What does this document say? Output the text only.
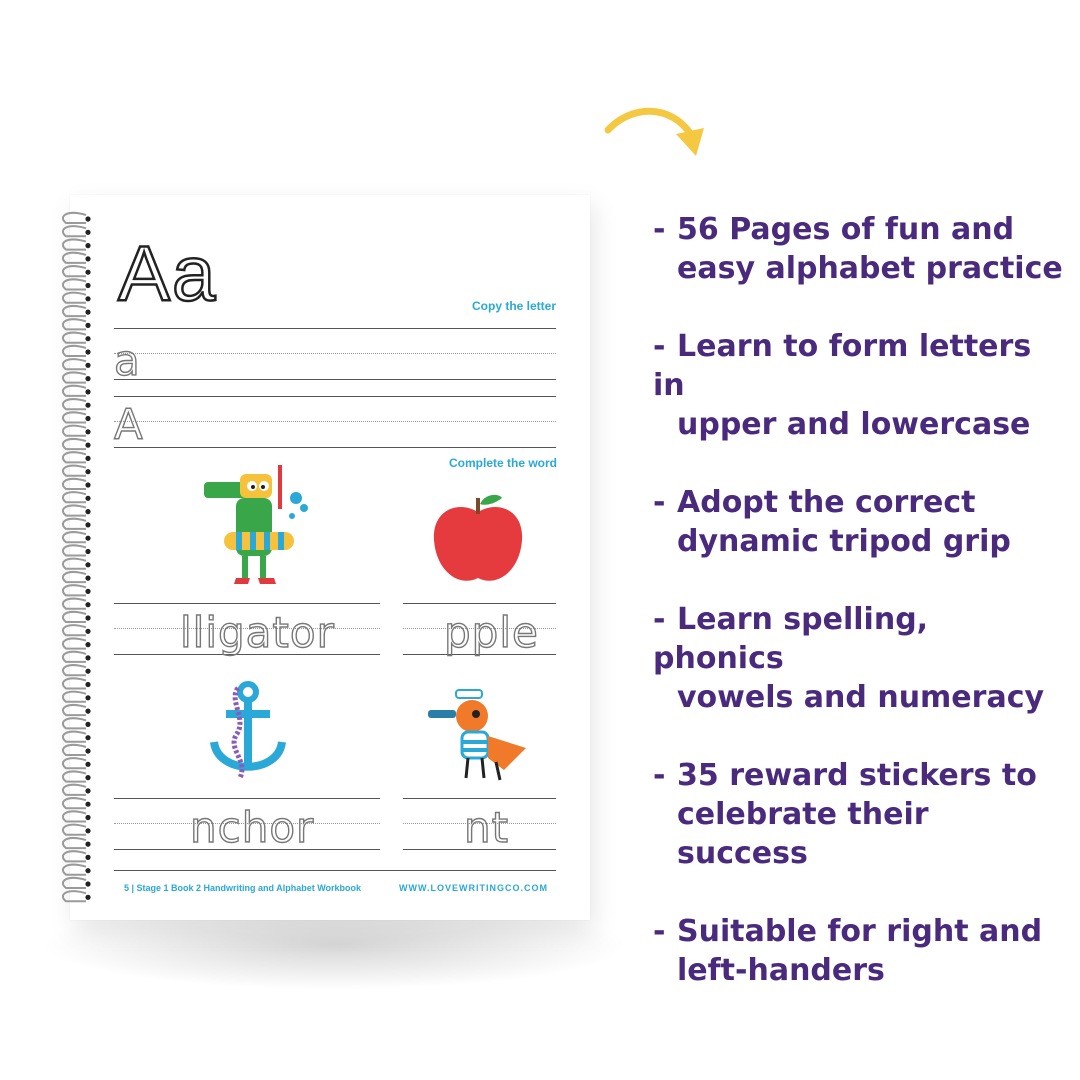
Aa	Copy the letter
a
A
Complete the word
lligator	pple
nchor	nt
5 | Stage 1 Book 2 Handwriting and Alphabet Workbook	WWW.LOVEWRITINGCO.COM
- 56 Pages of fun and
easy alphabet practice
- Learn to form letters in
upper and lowercase
- Adopt the correct
dynamic tripod grip
- Learn spelling, phonics
vowels and numeracy
- 35 reward stickers to
celebrate their success
- Suitable for right and
left-handers
